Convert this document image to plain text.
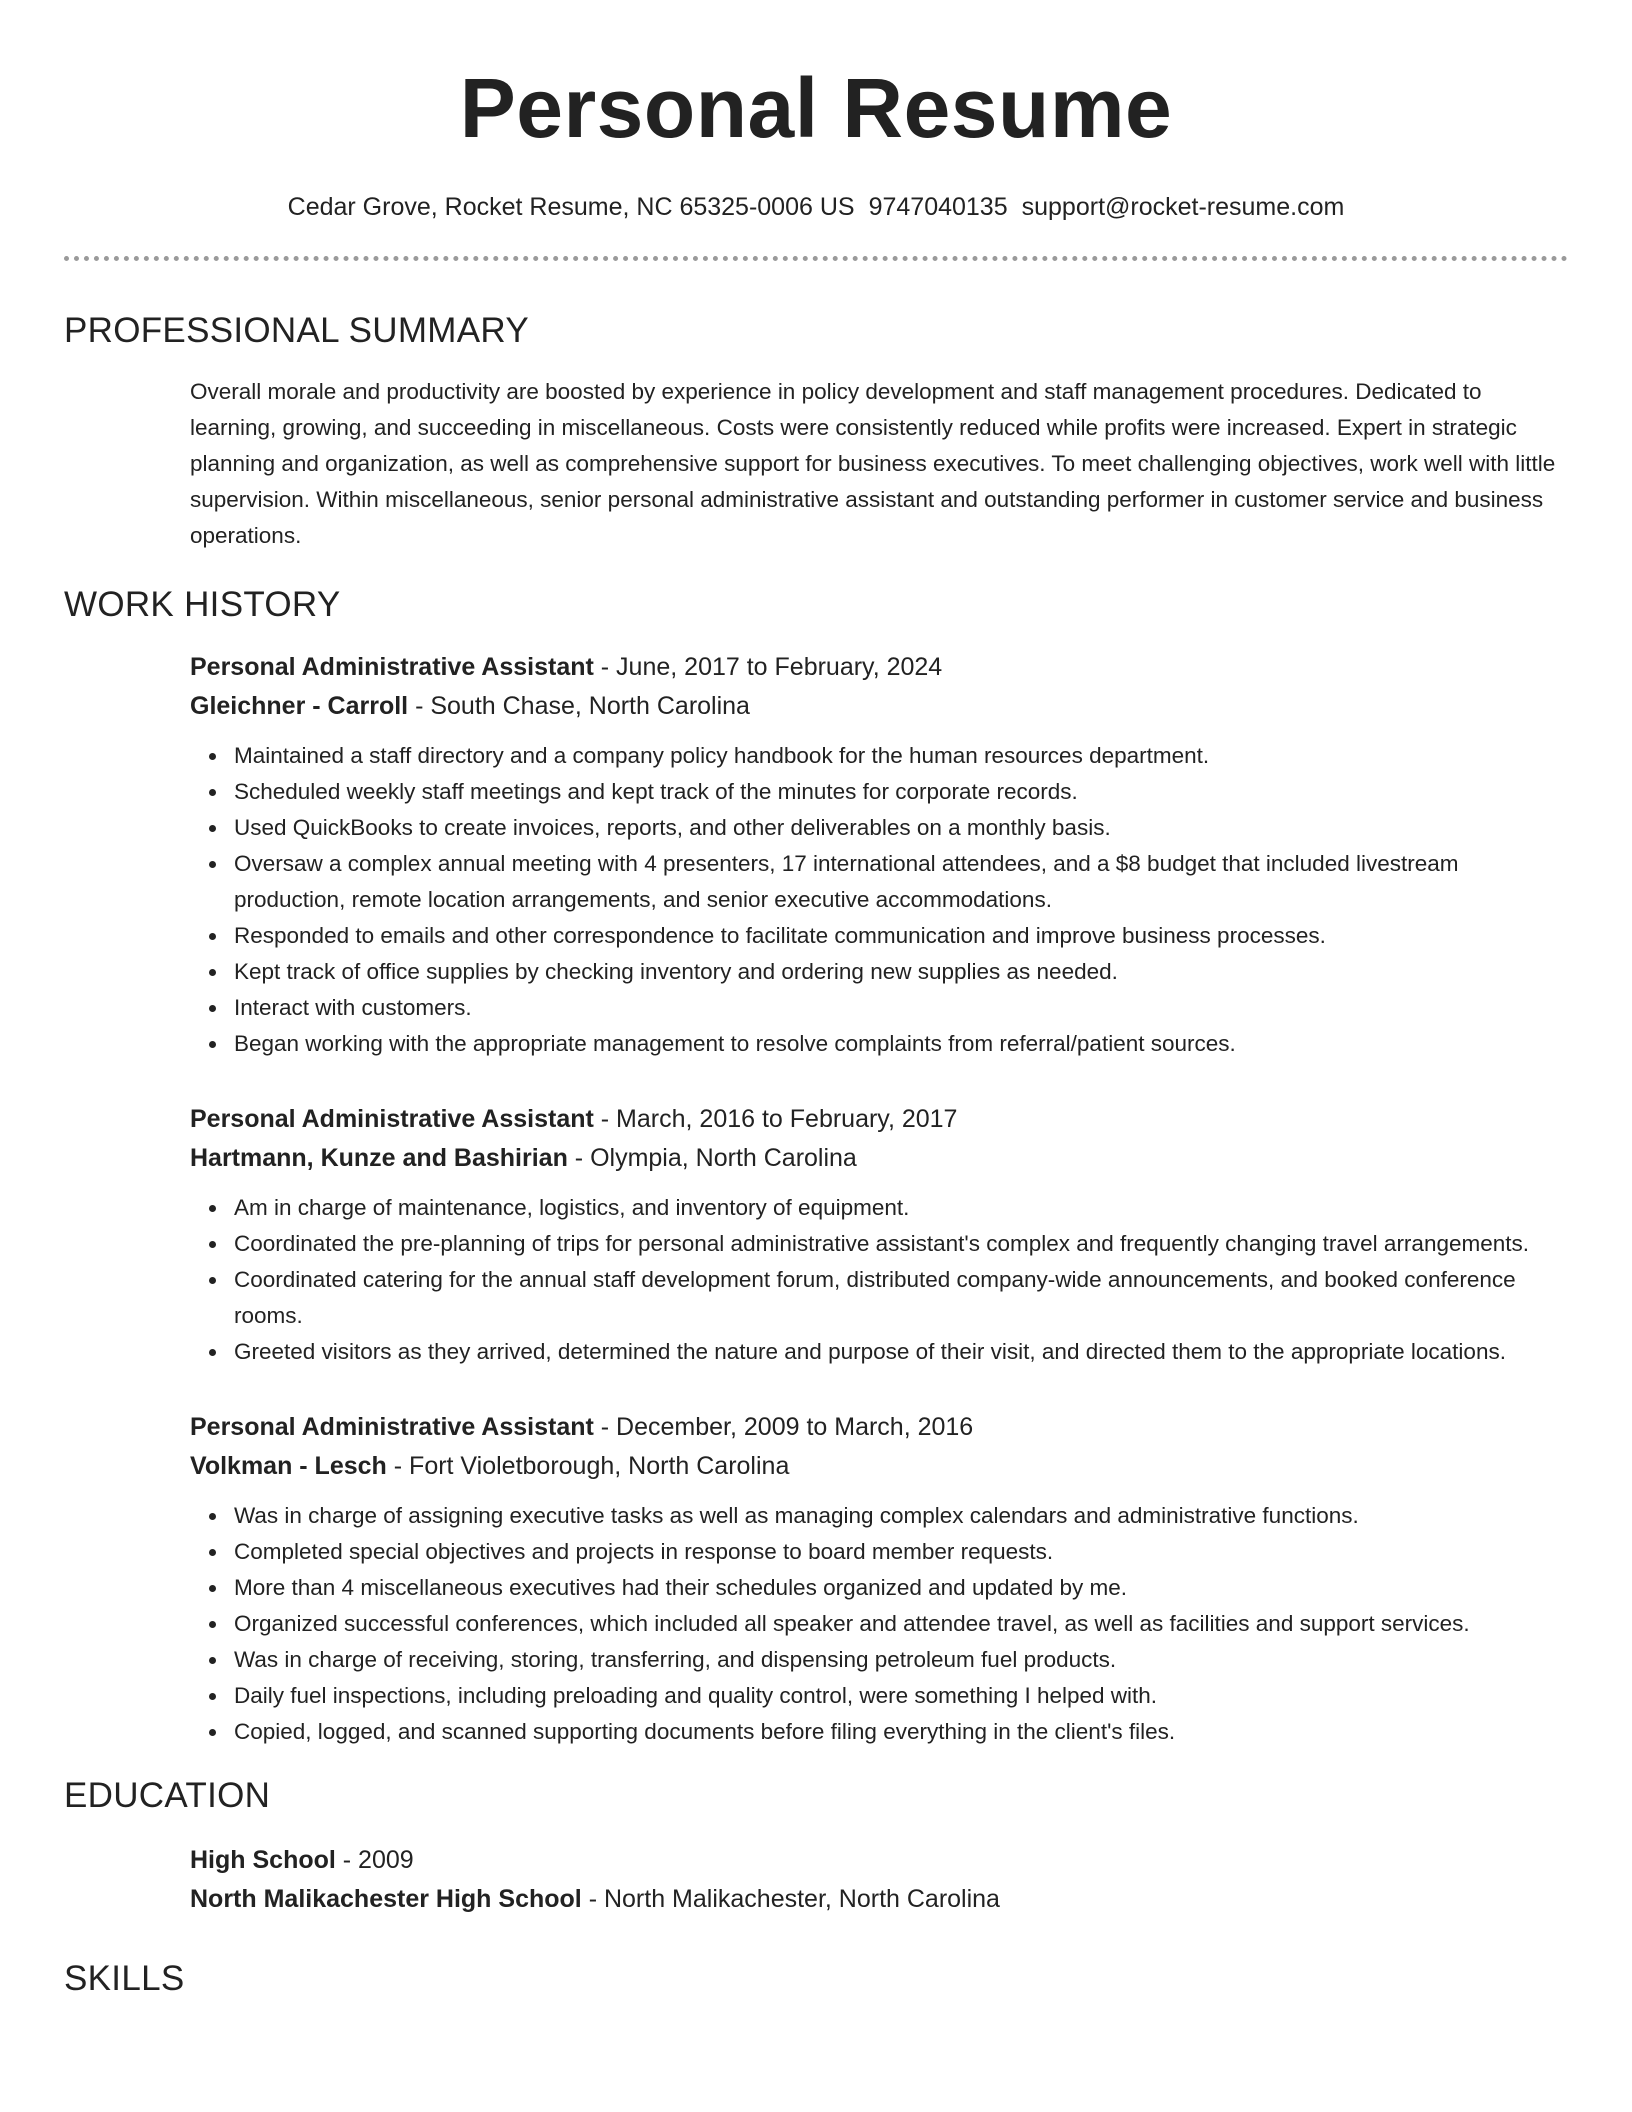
Personal Resume
Cedar Grove, Rocket Resume, NC 65325-0006 US 9747040135 support@rocket-resume.com
PROFESSIONAL SUMMARY

Overall morale and productivity are boosted by experience in policy development and staff management procedures. Dedicated to learning, growing, and succeeding in miscellaneous. Costs were consistently reduced while profits were increased. Expert in strategic planning and organization, as well as comprehensive support for business executives. To meet challenging objectives, work well with little supervision. Within miscellaneous, senior personal administrative assistant and outstanding performer in customer service and business operations.

WORK HISTORY
Personal Administrative Assistant - June, 2017 to February, 2024
Gleichner - Carroll - South Chase, North Carolina
Maintained a staff directory and a company policy handbook for the human resources department.
Scheduled weekly staff meetings and kept track of the minutes for corporate records.
Used QuickBooks to create invoices, reports, and other deliverables on a monthly basis.
Oversaw a complex annual meeting with 4 presenters, 17 international attendees, and a $8 budget that included livestream production, remote location arrangements, and senior executive accommodations.
Responded to emails and other correspondence to facilitate communication and improve business processes.
Kept track of office supplies by checking inventory and ordering new supplies as needed.
Interact with customers.
Began working with the appropriate management to resolve complaints from referral/patient sources.
Personal Administrative Assistant - March, 2016 to February, 2017
Hartmann, Kunze and Bashirian - Olympia, North Carolina
Am in charge of maintenance, logistics, and inventory of equipment.
Coordinated the pre-planning of trips for personal administrative assistant's complex and frequently changing travel arrangements.
Coordinated catering for the annual staff development forum, distributed company-wide announcements, and booked conference rooms.
Greeted visitors as they arrived, determined the nature and purpose of their visit, and directed them to the appropriate locations.
Personal Administrative Assistant - December, 2009 to March, 2016
Volkman - Lesch - Fort Violetborough, North Carolina
Was in charge of assigning executive tasks as well as managing complex calendars and administrative functions.
Completed special objectives and projects in response to board member requests.
More than 4 miscellaneous executives had their schedules organized and updated by me.
Organized successful conferences, which included all speaker and attendee travel, as well as facilities and support services.
Was in charge of receiving, storing, transferring, and dispensing petroleum fuel products.
Daily fuel inspections, including preloading and quality control, were something I helped with.
Copied, logged, and scanned supporting documents before filing everything in the client's files.
EDUCATION
High School - 2009
North Malikachester High School - North Malikachester, North Carolina
SKILLS
